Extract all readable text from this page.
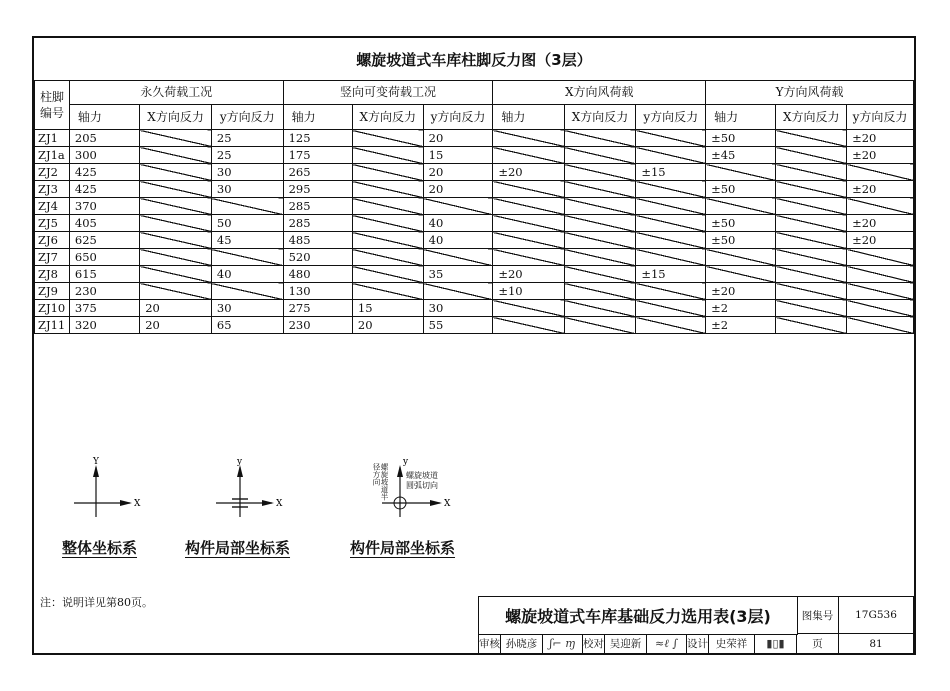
螺旋坡道式车库柱脚反力图（3层）
柱脚编号	永久荷载工况			竖向可变荷载工况			X方向风荷载			Y方向风荷载		
	轴力	X方向反力	y方向反力	轴力	X方向反力	y方向反力	轴力	X方向反力	y方向反力	轴力	X方向反力	y方向反力
ZJ1	205		25	125		20				±50		±20
ZJ1a	300		25	175		15				±45		±20
ZJ2	425		30	265		20	±20		±15			
ZJ3	425		30	295		20				±50		±20
ZJ4	370			285								
ZJ5	405		50	285		40				±50		±20
ZJ6	625		45	485		40				±50		±20
ZJ7	650			520								
ZJ8	615		40	480		35	±20		±15			
ZJ9	230			130			±10			±20		
ZJ10	375	20	30	275	15	30				±2		
ZJ11	320	20	65	230	20	55				±2		
Y
X
整体坐标系
y
X
构件局部坐标系
y
X
螺旋坡道半径方向	螺旋坡道
圆弧切向
构件局部坐标系
注：说明详见第80页。
螺旋坡道式车库基础反力选用表(3层)	图集号	17G536
审核 孙晓彦	ʃ⌐ ɱ 校对 吴迎新	≈ℓ ∫ 设计 史荣祥	▮▯▮	页	81
